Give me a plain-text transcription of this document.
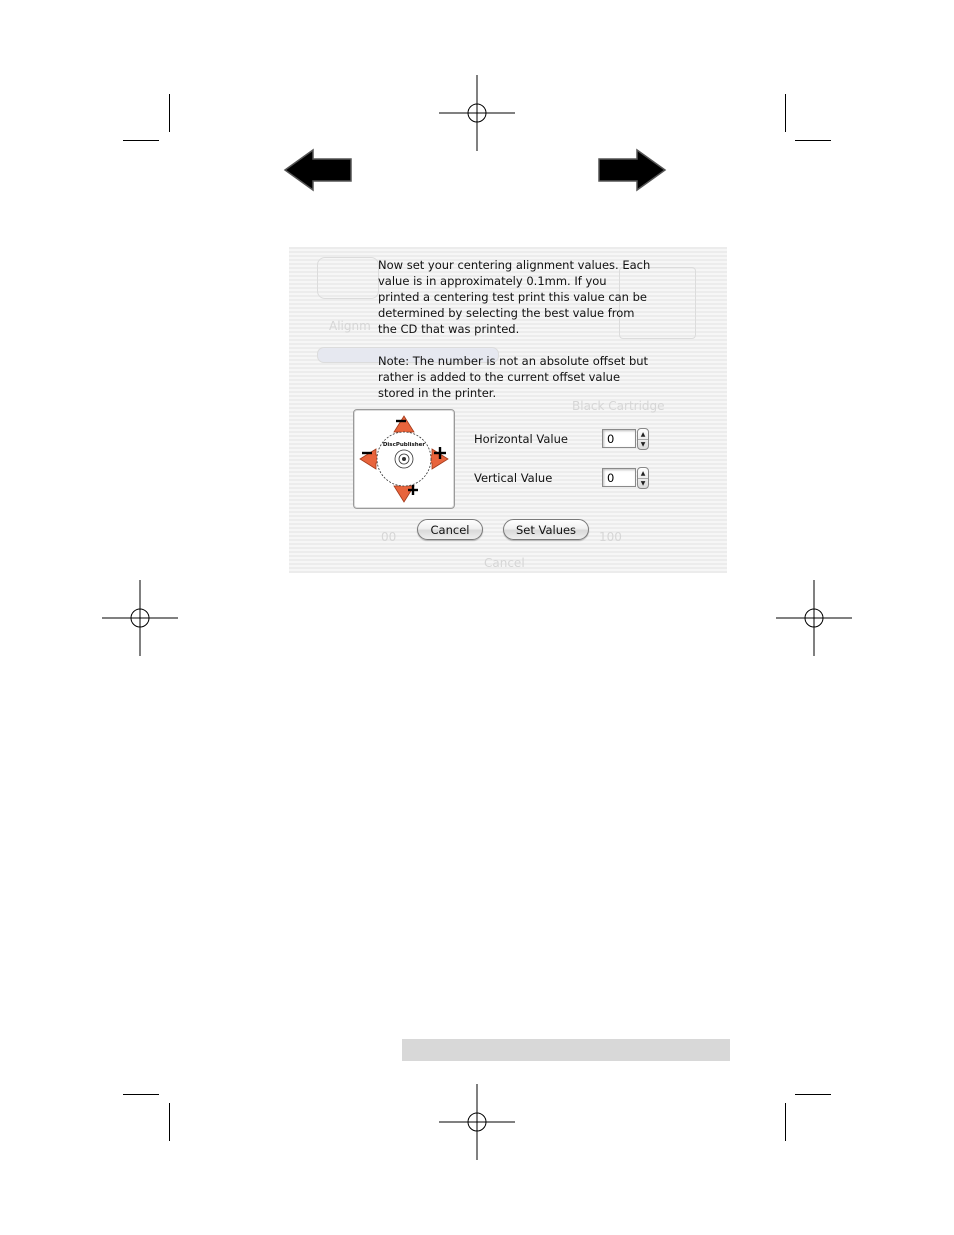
Alignm
Black Cartridge
00	100
Cancel
Now set your centering alignment values. Each
value is in approximately 0.1mm. If you
printed a centering test print this value can be
determined by selecting the best value from
the CD that was printed.

Note: The number is not an absolute offset but
rather is added to the current offset value
stored in the printer.
DiscPublisher	Horizontal Value
0	▲
▼
Vertical Value
0	▲
▼
Cancel	Set Values
